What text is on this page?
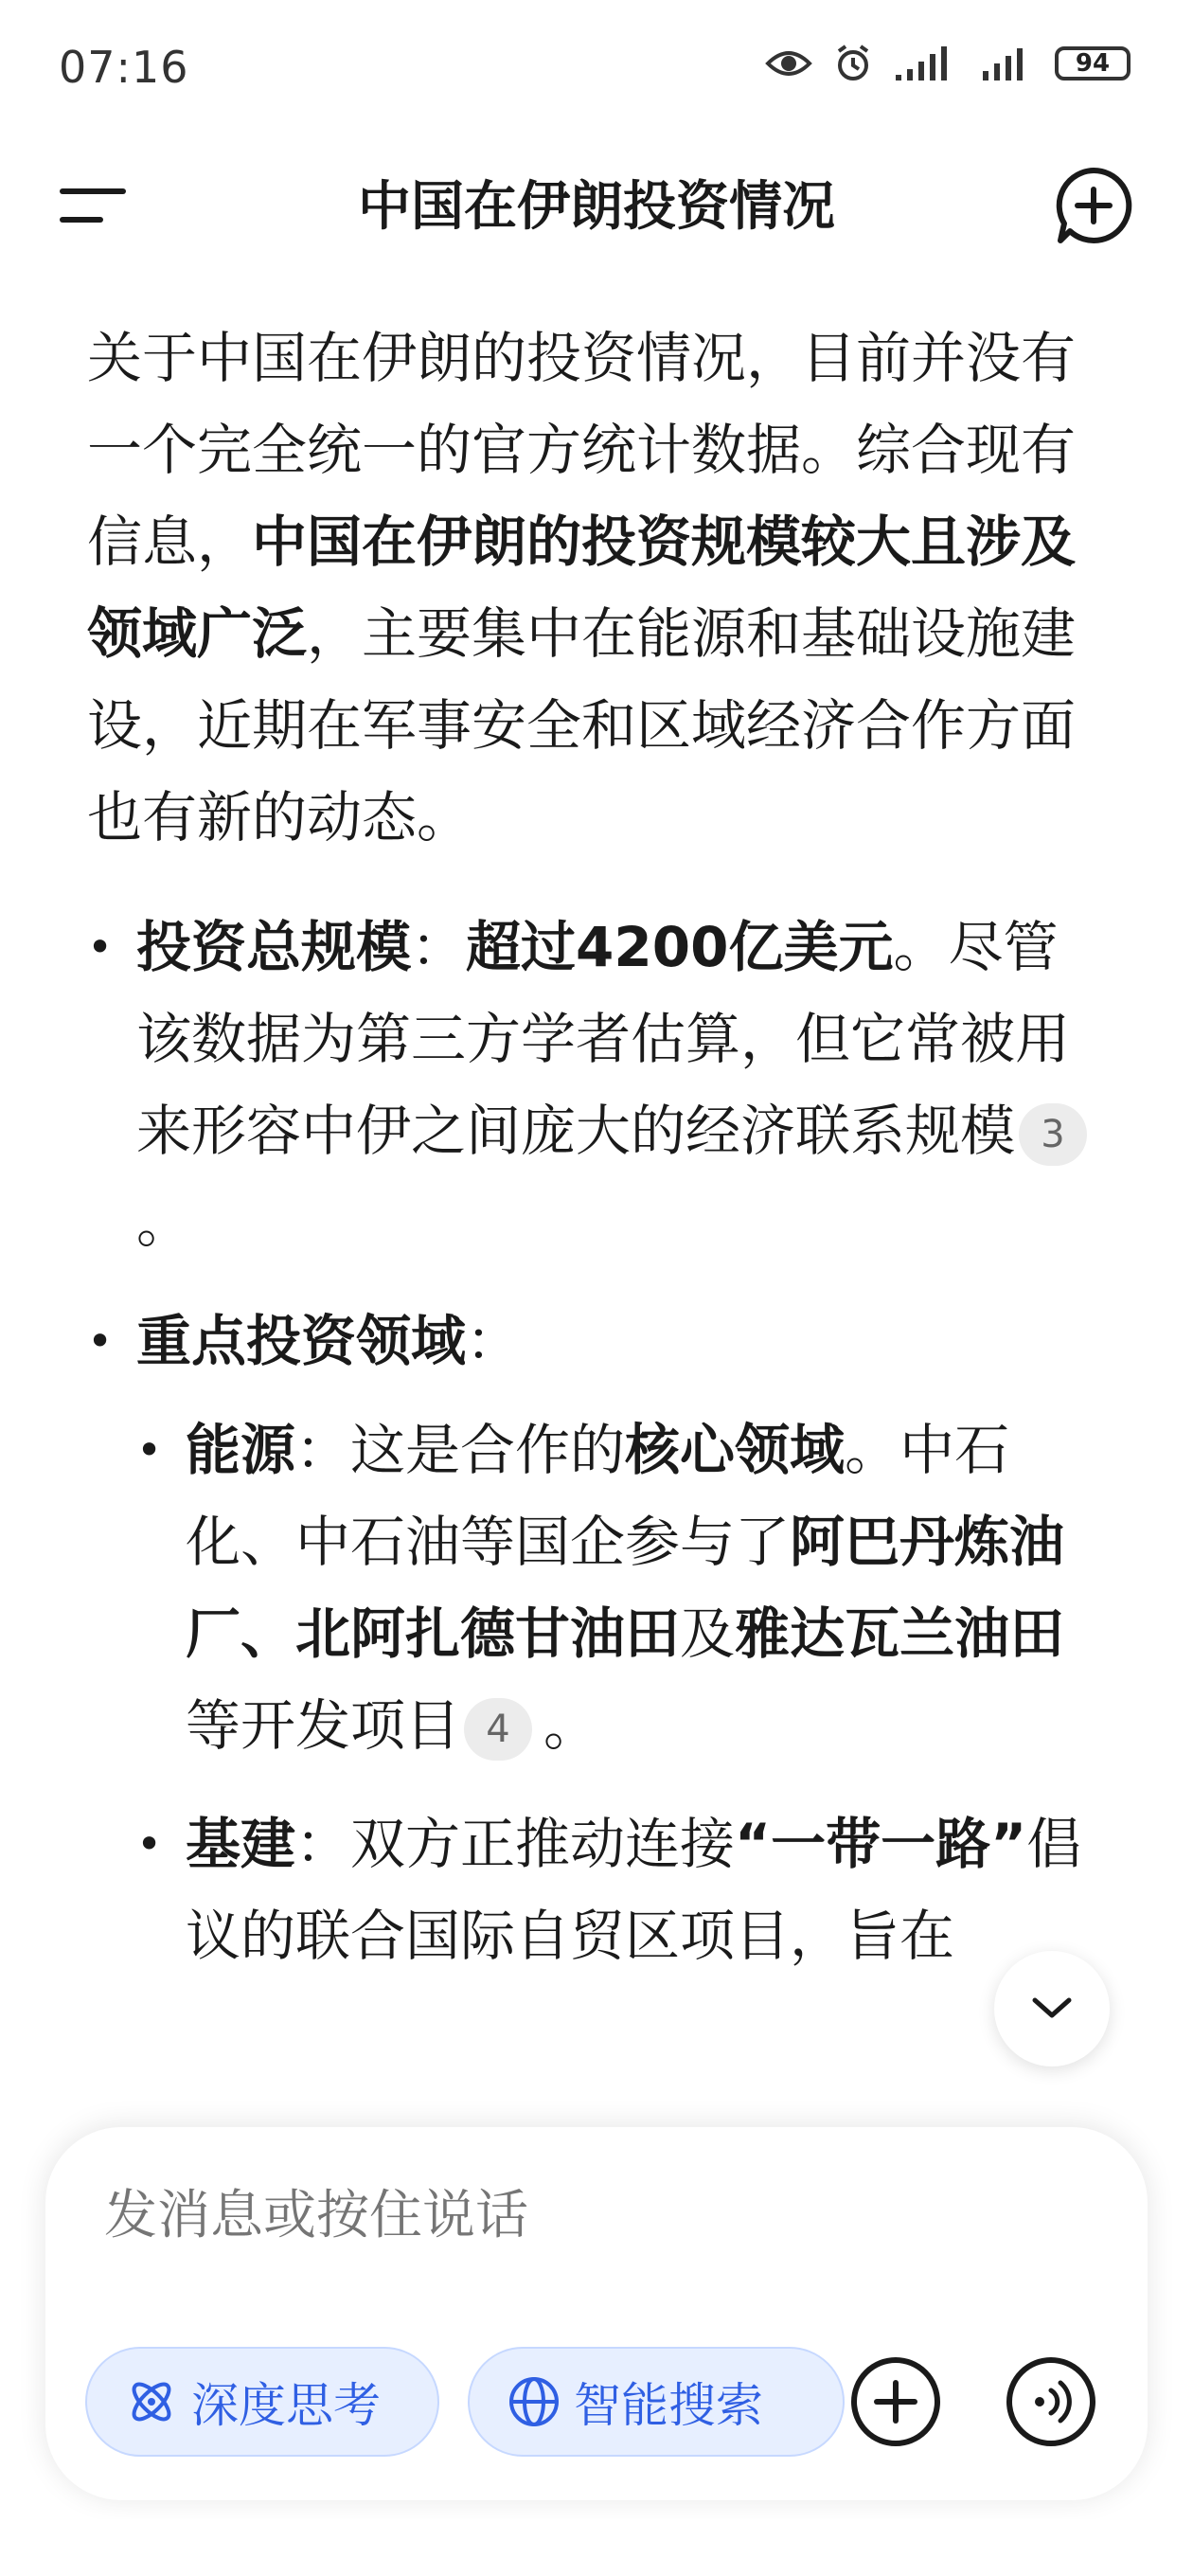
07:16	94
中国在伊朗投资情况

关于中国在伊朗的投资情况，目前并没有一个完全统一的官方统计数据。综合现有信息，中国在伊朗的投资规模较大且涉及领域广泛，主要集中在能源和基础设施建设，近期在军事安全和区域经济合作方面也有新的动态。

• 投资总规模：超过4200亿美元。尽管该数据为第三方学者估算，但它常被用来形容中伊之间庞大的经济联系规模 3。
• 重点投资领域：
• 能源：这是合作的核心领域。中石化、中石油等国企参与了阿巴丹炼油厂、北阿扎德甘油田及雅达瓦兰油田等开发项目 4 。
• 基建：双方正推动连接“一带一路”倡议的联合国际自贸区项目，旨在
发消息或按住说话
深度思考	智能搜索
